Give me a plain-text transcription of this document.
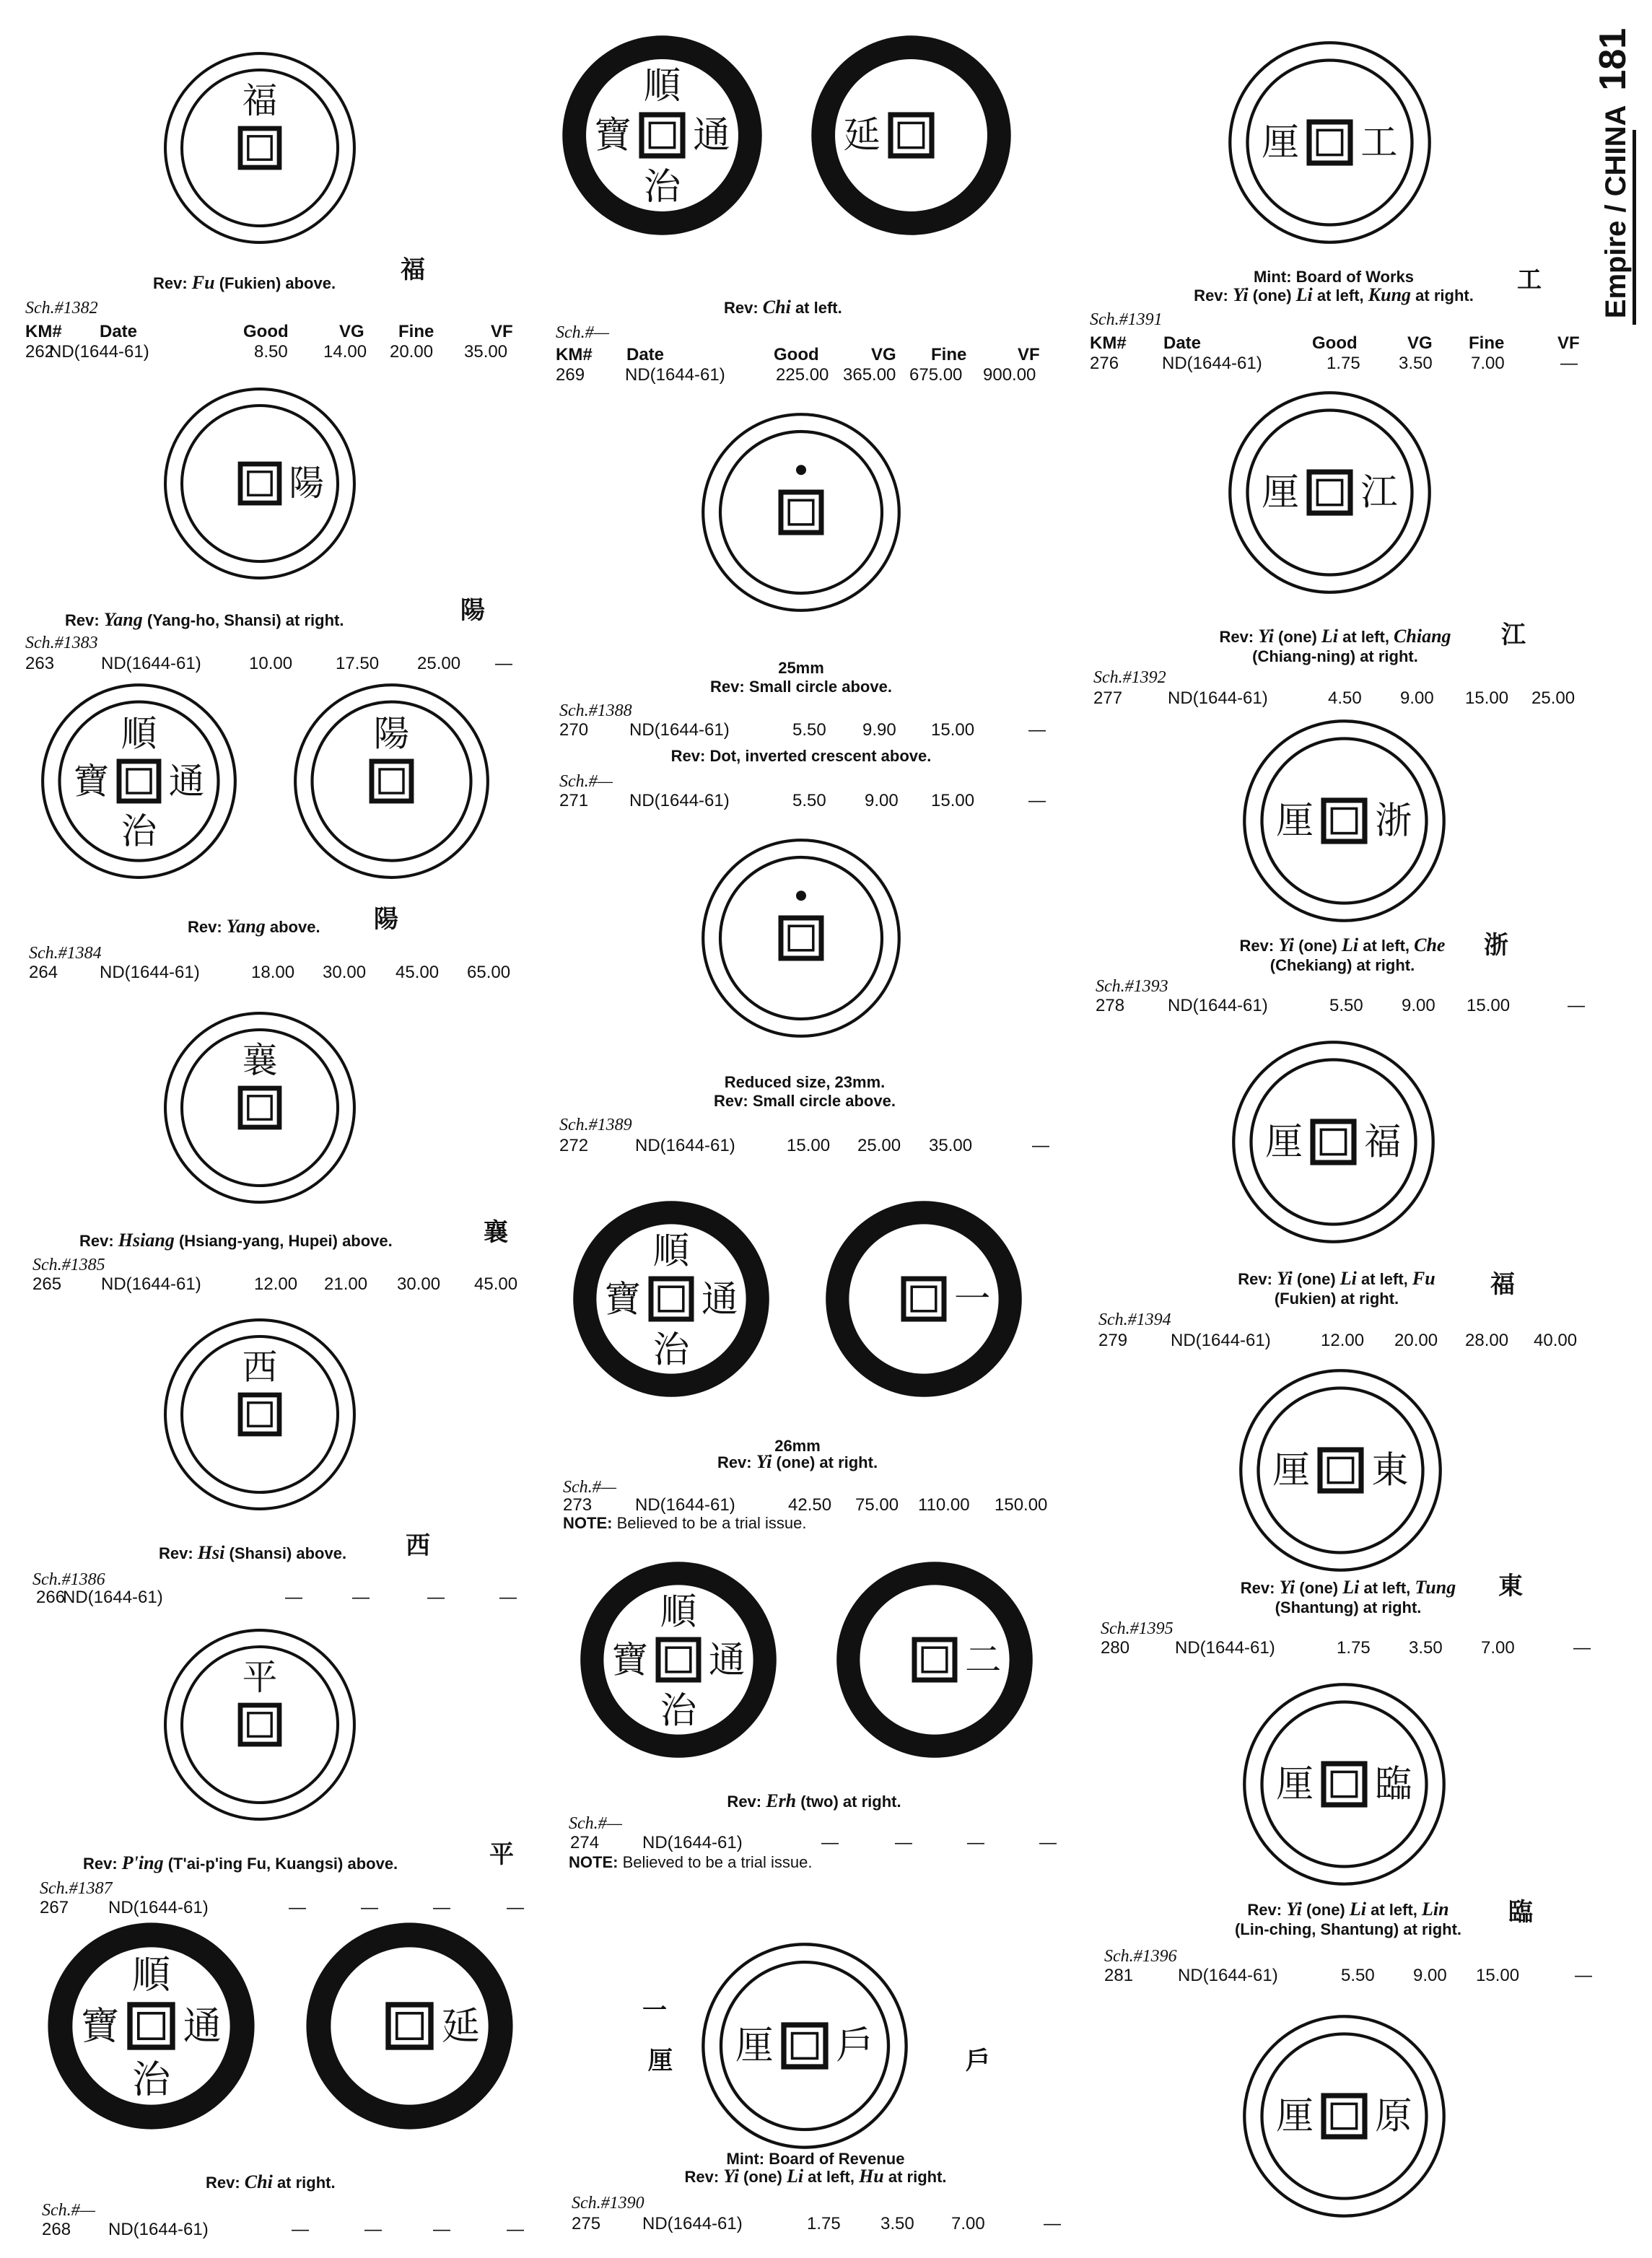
Empire / CHINA181
福
陽
順
通
治
寶
陽
襄
西
平
順
通
治
寶	延
順
通
治
寶	延
順
通
治
寶	一
順
通
治
寶	二
厘 戶
厘 工
厘 江
厘 浙
厘 福
厘 東
厘 臨
厘 原
Rev: Fu (Fukien) above.	福
Sch.#1382
KM# Date	Good	VG Fine	VF
262
ND(1644-61)	8.50 14.00 20.00 35.00
Rev: Yang (Yang-ho, Shansi) at right.	陽
Sch.#1383
263	ND(1644-61)	10.00 17.50 25.00 —
Rev: Yang above. 陽
Sch.#1384
264 ND(1644-61)	18.00 30.00 45.00 65.00
Rev: Hsiang (Hsiang-yang, Hupei) above.	襄
Sch.#1385
265 ND(1644-61)	12.00 21.00 30.00 45.00
Rev: Hsi (Shansi) above. 西
Sch.#1386
266
ND(1644-61)	—	—	—	—
Rev: P'ing (T'ai-p'ing Fu, Kuangsi) above.	平
Sch.#1387
267 ND(1644-61)	—	—	—	—
Rev: Chi at right.
Sch.#—
268 ND(1644-61)	—	—	—	—
Rev: Chi at left.
Sch.#—
KM# Date	Good	VG Fine	VF
269 ND(1644-61)	225.00 365.00 675.00 900.00
25mm
Rev: Small circle above.
Sch.#1388
270 ND(1644-61)	5.50 9.90 15.00	—
Rev: Dot, inverted crescent above.
Sch.#—
271 ND(1644-61)	5.50 9.00 15.00	—
Reduced size, 23mm.
Rev: Small circle above.
Sch.#1389
272	ND(1644-61)	15.00 25.00 35.00	—
26mm
Rev: Yi (one) at right.
Sch.#—
273 ND(1644-61)	42.50 75.00 110.00 150.00
NOTE: Believed to be a trial issue.
Rev: Erh (two) at right.
Sch.#—
274 ND(1644-61)	—	—	—	—
NOTE: Believed to be a trial issue.
一
厘	戶
Mint: Board of Revenue
Rev: Yi (one) Li at left, Hu at right.
Sch.#1390
275 ND(1644-61)	1.75 3.50 7.00	—
Mint: Board of Works
Rev: Yi (one) Li at left, Kung at right.
工
Sch.#1391
KM# Date	Good	VG Fine	VF
276 ND(1644-61)	1.75 3.50 7.00	—
Rev: Yi (one) Li at left, Chiang
(Chiang-ning) at right.
江
Sch.#1392
277	ND(1644-61)	4.50 9.00 15.00 25.00
Rev: Yi (one) Li at left, Che
(Chekiang) at right.
浙
Sch.#1393
278 ND(1644-61)	5.50 9.00 15.00	—
Rev: Yi (one) Li at left, Fu
(Fukien) at right.	福
Sch.#1394
279 ND(1644-61)	12.00 20.00 28.00 40.00
Rev: Yi (one) Li at left, Tung
(Shantung) at right.
東
Sch.#1395
280	ND(1644-61)	1.75 3.50 7.00	—
Rev: Yi (one) Li at left, Lin
(Lin-ching, Shantung) at right.
臨
Sch.#1396
281	ND(1644-61)	5.50 9.00 15.00	—
